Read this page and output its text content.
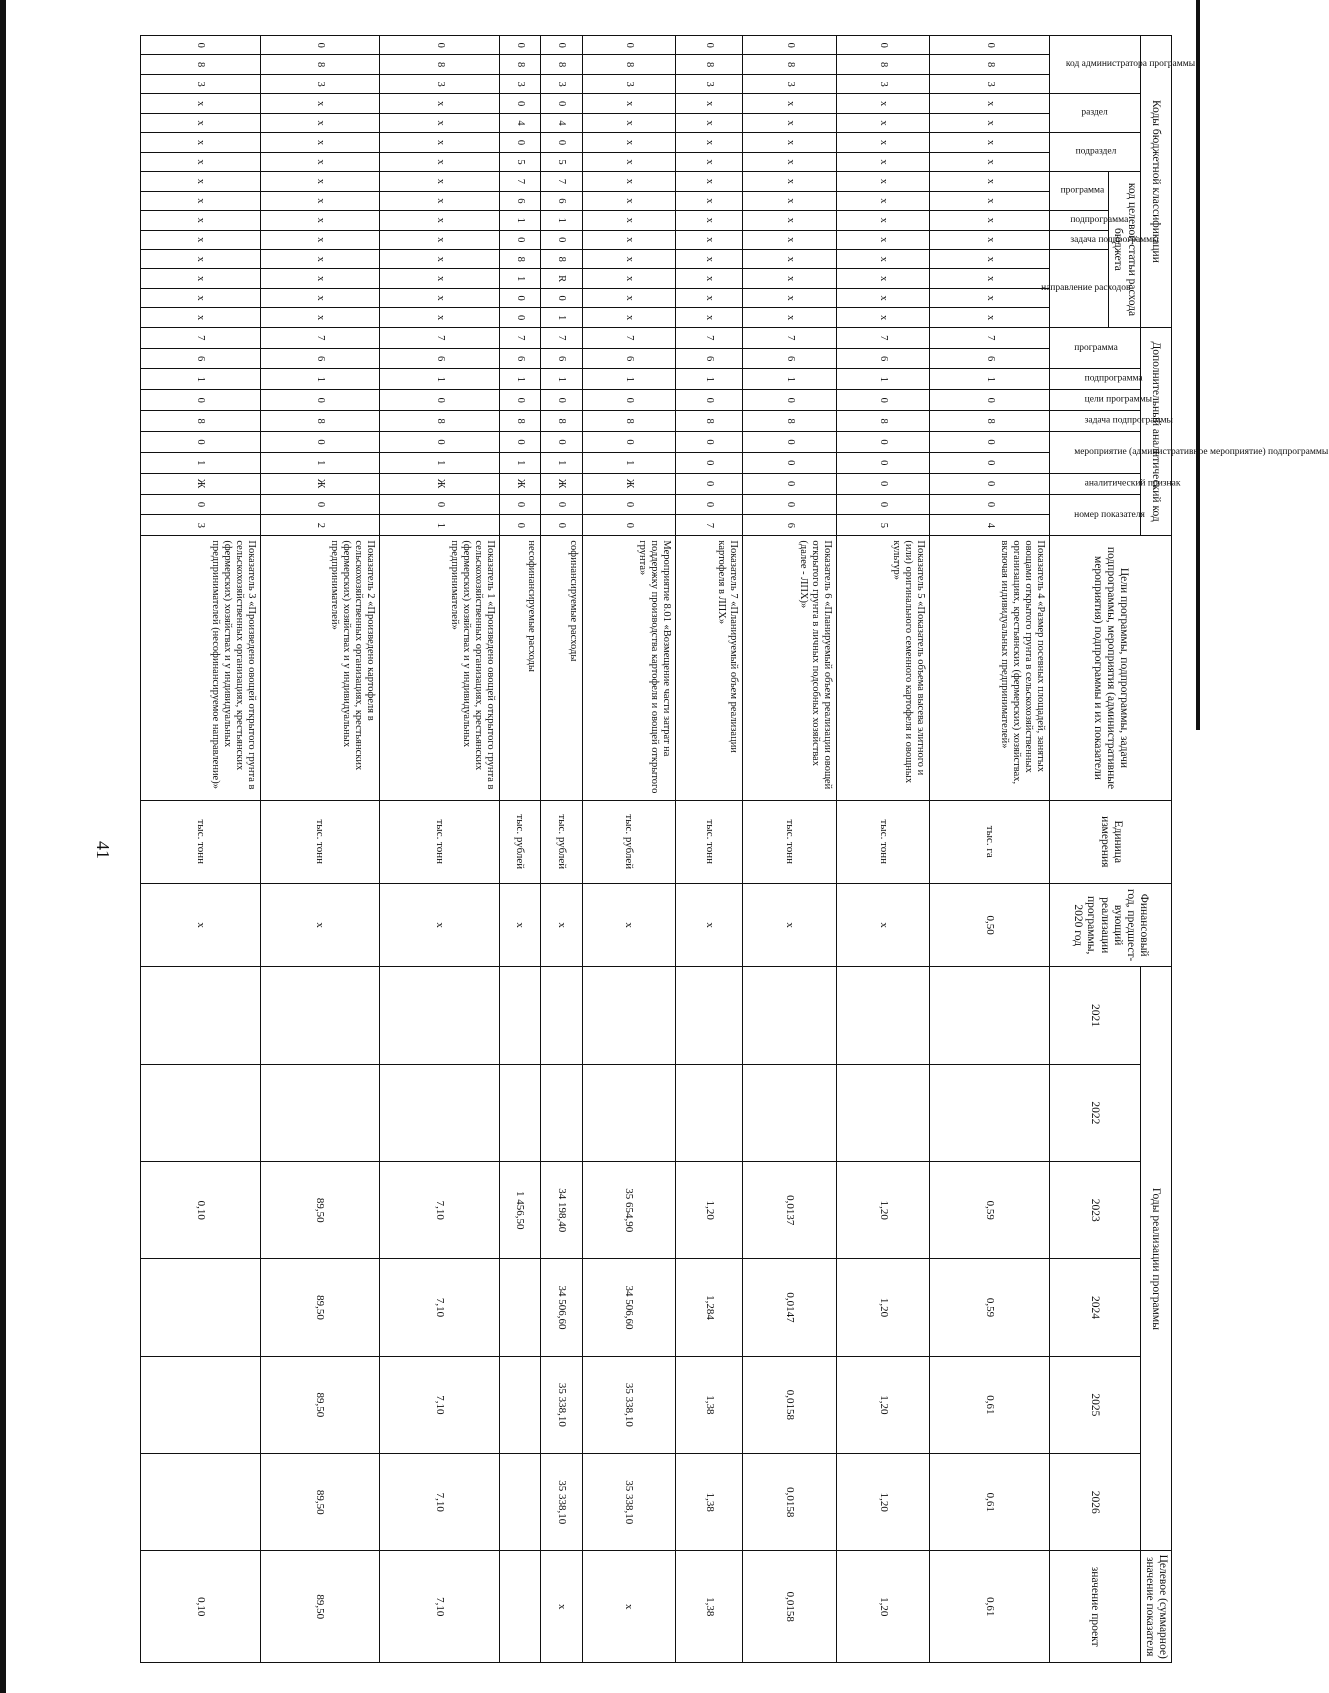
41
Коды бюджетной классификации															Дополнительный аналитический код										Цели программы, подпрограммы, задачи подпрограммы, мероприятия (административные мероприятия) подпрограммы и их показатели	Единица измерения	Финансовый год, предшест-вующий реализации программы, 2020 год	Годы реализации программы						Целевое (суммарное) значение показателя

код администратора программы			раздел		подраздел		код целевой статьи расхода бюджета								программа		подпрограмма	цели программы	задача подпрограммы	мероприятие (административное мероприятие) подпрограммы		аналитический признак	номер показателя					2021	2022	2023	2024	2025	2026	значение проект

							программа		подпрограмма	задача подпрограммы	направление расходов																							

0	8	3	х	х	х	х	х	х	х	х	х	х	х	х	7	6	1	0	8	0	0	0	0	4	Показатель 4 «Размер посевных площадей, занятых овощами открытого грунта в сельскохозяйственных организациях, крестьянских (фермерских) хозяйствах, включая индивидуальных предпринимателей»	тыс. га	0,50			0,59	0,59	0,61	0,61	0,61
0	8	3	х	х	х	х	х	х	х	х	х	х	х	х	7	6	1	0	8	0	0	0	0	5	Показатель 5 «Показатель объема высева элитного и (или) оригинального семенного картофеля и овощных культур»	тыс. тонн	х			1,20	1,20	1,20	1,20	1,20
0	8	3	х	х	х	х	х	х	х	х	х	х	х	х	7	6	1	0	8	0	0	0	0	6	Показатель 6 «Планируемый объем реализации овощей открытого грунта в личных подсобных хозяйствах (далее - ЛПХ)»	тыс. тонн	х			0,0137	0,0147	0,0158	0,0158	0,0158
0	8	3	х	х	х	х	х	х	х	х	х	х	х	х	7	6	1	0	8	0	0	0	0	7	Показатель 7 «Планируемый объем реализации картофеля в ЛПХ»	тыс. тонн	х			1,20	1,284	1,38	1,38	1,38
0	8	3	х	х	х	х	х	х	х	х	х	х	х	х	7	6	1	0	8	0	1	Ж	0	0	Мероприятие 8.01 «Возмещение части затрат на поддержку производства картофеля и овощей открытого грунта»	тыс. рублей	х			35 654,90	34 506,60	35 338,10	35 338,10	х
0	8	3	0	4	0	5	7	6	1	0	8	R	0	1	7	6	1	0	8	0	1	Ж	0	0	софинансируемые расходы	тыс. рублей	х			34 198,40	34 506,60	35 338,10	35 338,10	х
0	8	3	0	4	0	5	7	6	1	0	8	1	0	0	7	6	1	0	8	0	1	Ж	0	0	несофинансируемые расходы	тыс. рублей	х			1 456,50				
0	8	3	х	х	х	х	х	х	х	х	х	х	х	х	7	6	1	0	8	0	1	Ж	0	1	Показатель 1 «Произведено овощей открытого грунта в сельскохозяйственных организациях, крестьянских (фермерских) хозяйствах и у индивидуальных предпринимателей»	тыс. тонн	х			7,10	7,10	7,10	7,10	7,10
0	8	3	х	х	х	х	х	х	х	х	х	х	х	х	7	6	1	0	8	0	1	Ж	0	2	Показатель 2 «Произведено картофеля в сельскохозяйственных организациях, крестьянских (фермерских) хозяйствах и у индивидуальных предпринимателей»	тыс. тонн	х			89,50	89,50	89,50	89,50	89,50
0	8	3	х	х	х	х	х	х	х	х	х	х	х	х	7	6	1	0	8	0	1	Ж	0	3	Показатель 3 «Произведено овощей открытого грунта в сельскохозяйственных организациях, крестьянских (фермерских) хозяйствах и у индивидуальных предпринимателей (несофинансируемое направление)»	тыс. тонн	х			0,10				0,10
